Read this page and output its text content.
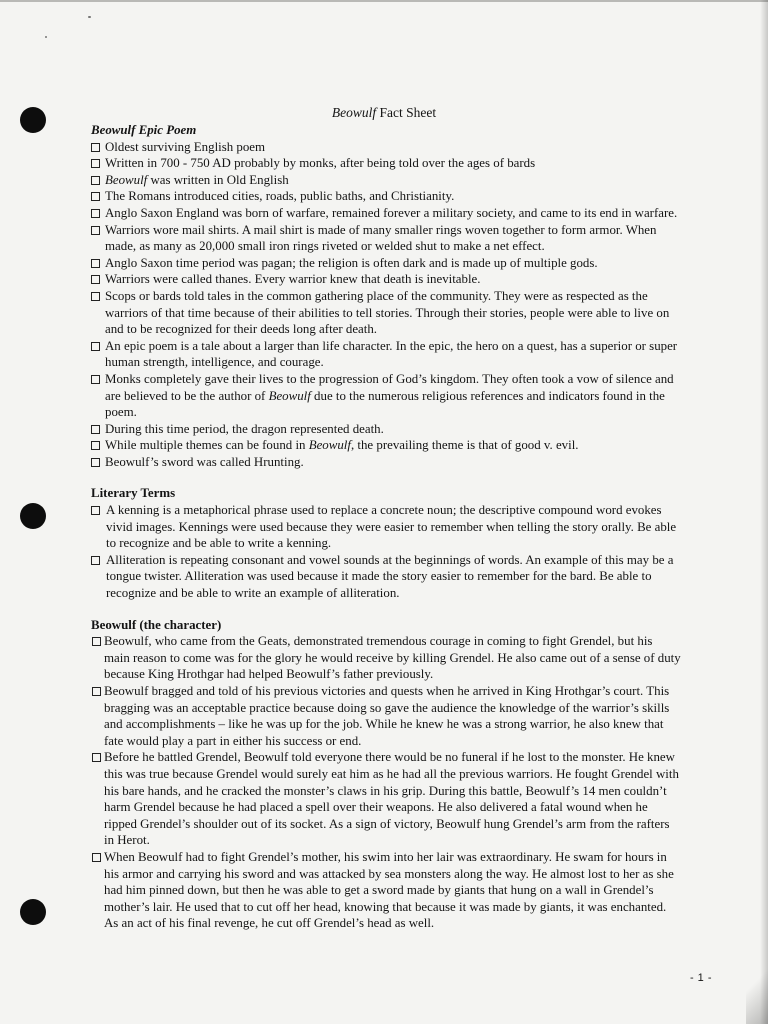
Beowulf Fact Sheet

Beowulf Epic Poem

Oldest surviving English poem
Written in 700 - 750 AD probably by monks, after being told over the ages of bards
Beowulf was written in Old English
The Romans introduced cities, roads, public baths, and Christianity.
Anglo Saxon England was born of warfare, remained forever a military society, and came to its end in warfare.
Warriors wore mail shirts. A mail shirt is made of many smaller rings woven together to form armor. When made, as many as 20,000 small iron rings riveted or welded shut to make a net effect.
Anglo Saxon time period was pagan; the religion is often dark and is made up of multiple gods.
Warriors were called thanes. Every warrior knew that death is inevitable.
Scops or bards told tales in the common gathering place of the community. They were as respected as the warriors of that time because of their abilities to tell stories. Through their stories, people were able to live on and to be recognized for their deeds long after death.
An epic poem is a tale about a larger than life character. In the epic, the hero on a quest, has a superior or super human strength, intelligence, and courage.
Monks completely gave their lives to the progression of God’s kingdom. They often took a vow of silence and are believed to be the author of Beowulf due to the numerous religious references and indicators found in the poem.
During this time period, the dragon represented death.
While multiple themes can be found in Beowulf, the prevailing theme is that of good v. evil.
Beowulf’s sword was called Hrunting.

Literary Terms

A kenning is a metaphorical phrase used to replace a concrete noun; the descriptive compound word evokes vivid images. Kennings were used because they were easier to remember when telling the story orally. Be able to recognize and be able to write a kenning.
Alliteration is repeating consonant and vowel sounds at the beginnings of words. An example of this may be a tongue twister. Alliteration was used because it made the story easier to remember for the bard. Be able to recognize and be able to write an example of alliteration.

Beowulf (the character)

Beowulf, who came from the Geats, demonstrated tremendous courage in coming to fight Grendel, but his main reason to come was for the glory he would receive by killing Grendel. He also came out of a sense of duty because King Hrothgar had helped Beowulf’s father previously.
Beowulf bragged and told of his previous victories and quests when he arrived in King Hrothgar’s court. This bragging was an acceptable practice because doing so gave the audience the knowledge of the warrior’s skills and accomplishments – like he was up for the job. While he knew he was a strong warrior, he also knew that fate would play a part in either his success or end.
Before he battled Grendel, Beowulf told everyone there would be no funeral if he lost to the monster. He knew this was true because Grendel would surely eat him as he had all the previous warriors. He fought Grendel with his bare hands, and he cracked the monster’s claws in his grip. During this battle, Beowulf’s 14 men couldn’t harm Grendel because he had placed a spell over their weapons. He also delivered a fatal wound when he ripped Grendel’s shoulder out of its socket. As a sign of victory, Beowulf hung Grendel’s arm from the rafters in Herot.
When Beowulf had to fight Grendel’s mother, his swim into her lair was extraordinary. He swam for hours in his armor and carrying his sword and was attacked by sea monsters along the way. He almost lost to her as she had him pinned down, but then he was able to get a sword made by giants that hung on a wall in Grendel’s mother’s lair. He used that to cut off her head, knowing that because it was made by giants, it was enchanted. As an act of his final revenge, he cut off Grendel’s head as well.
- 1 -
